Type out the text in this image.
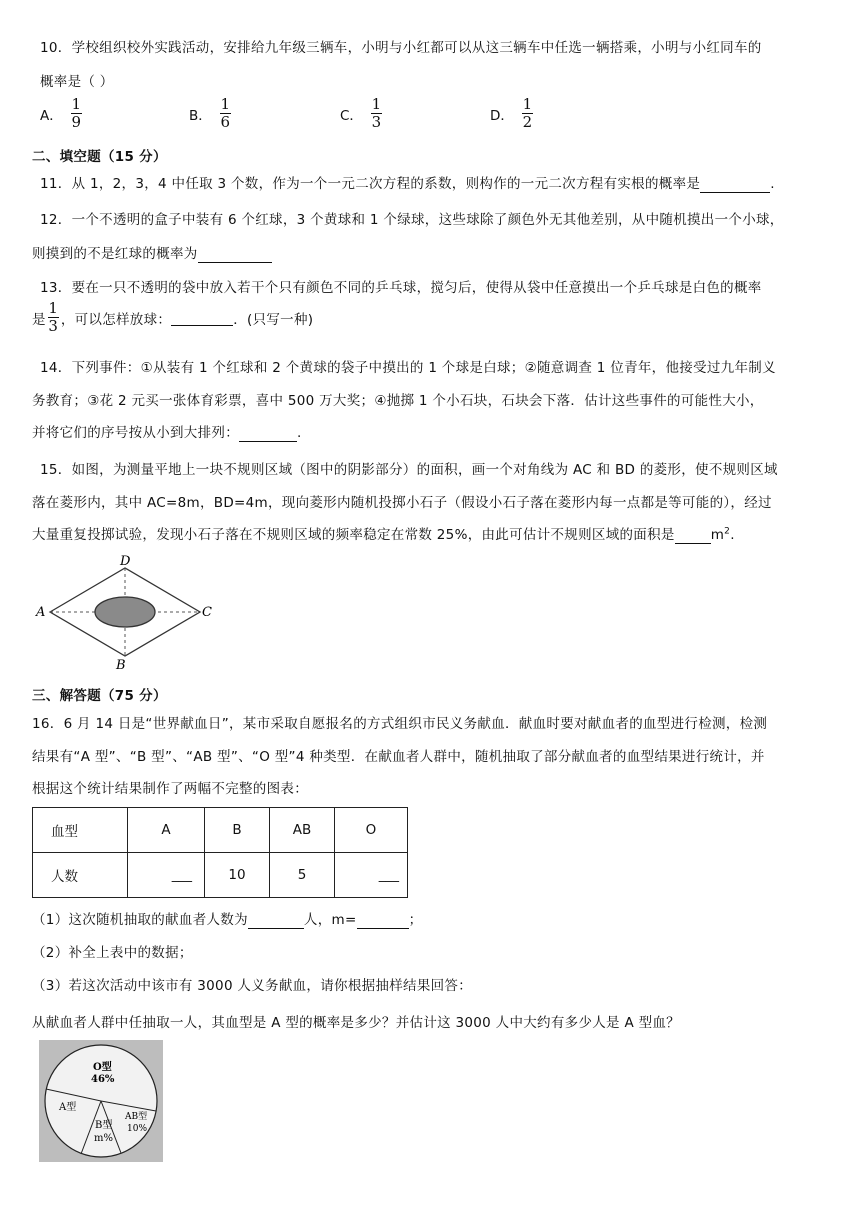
10．学校组织校外实践活动，安排给九年级三辆车，小明与小红都可以从这三辆车中任选一辆搭乘，小明与小红同车的
概率是（ ）
A． $\frac{1}{9}$	B． $\frac{1}{6}$	C． $\frac{1}{3}$	D． $\frac{1}{2}$
二、填空题（15 分）
11．从 1，2，3，4 中任取 3 个数，作为一个一元二次方程的系数，则构作的一元二次方程有实根的概率是	.
12．一个不透明的盒子中装有 6 个红球，3 个黄球和 1 个绿球，这些球除了颜色外无其他差别，从中随机摸出一个小球，
则摸到的不是红球的概率为
13．要在一只不透明的袋中放入若干个只有颜色不同的乒乓球，搅匀后，使得从袋中任意摸出一个乒乓球是白色的概率
是 $\frac{1}{3}$ ，可以怎样放球：
	．(只写一种)
14．下列事件：①从装有 1 个红球和 2 个黄球的袋子中摸出的 1 个球是白球；②随意调查 1 位青年，他接受过九年制义
务教育；③花 2 元买一张体育彩票，喜中 500 万大奖；④抛掷 1 个小石块，石块会下落．估计这些事件的可能性大小，
并将它们的序号按从小到大排列：	.
15．如图，为测量平地上一块不规则区域（图中的阴影部分）的面积，画一个对角线为 AC 和 BD 的菱形，使不规则区域
落在菱形内，其中 AC=8m，BD=4m，现向菱形内随机投掷小石子（假设小石子落在菱形内每一点都是等可能的），经过
大量重复投掷试验，发现小石子落在不规则区域的频率稳定在常数 25%，由此可估计不规则区域的面积是	$m^2$.
A	C
D
B
三、解答题（75 分）
16．6 月 14 日是“世界献血日”，某市采取自愿报名的方式组织市民义务献血．献血时要对献血者的血型进行检测，检测
结果有“A 型”、“B 型”、“AB 型”、“O 型”4 种类型．在献血者人群中，随机抽取了部分献血者的血型结果进行统计，并
根据这个统计结果制作了两幅不完整的图表：
血型	A	B	AB	O
人数	___	10	5	___
（1）这次随机抽取的献血者人数为	人，m=	；
（2）补全上表中的数据；
（3）若这次活动中该市有 3000 人义务献血，请你根据抽样结果回答：
从献血者人群中任抽取一人，其血型是 A 型的概率是多少？并估计这 3000 人中大约有多少人是 A 型血？
O型
46%
A型
B型
m%
AB型
10%
